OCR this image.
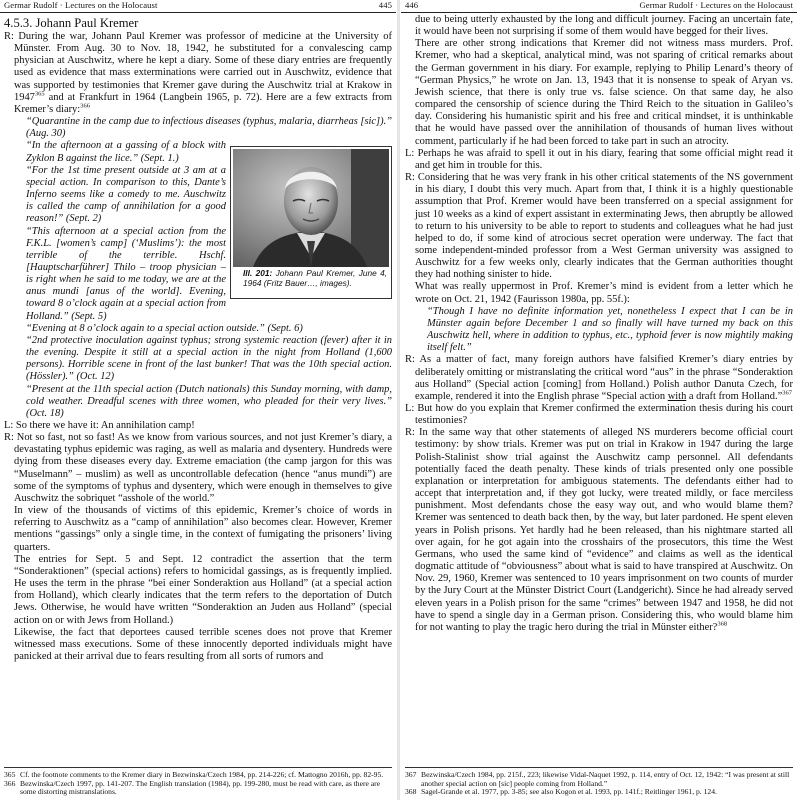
Germar Rudolf · Lectures on the Holocaust	445
4.5.3. Johann Paul Kremer

R: During the war, Johann Paul Kremer was professor of medicine at the University of Münster. From Aug. 30 to Nov. 18, 1942, he substituted for a convalescing camp physician at Auschwitz, where he kept a diary. Some of these diary entries are frequently used as evidence that mass exterminations were carried out in Auschwitz, evidence that was supported by testimonies that Kremer gave during the Auschwitz trial at Krakow in 1947$^{365}$ and at Frankfurt in 1964 (Langbein 1965, p. 72). Here are a few extracts from Kremer’s diary:$^{366}$

“Quarantine in the camp due to infectious diseases (typhus, malaria, diarrheas [sic]).” (Aug. 30)
Ill. 201: Johann Paul Kremer, June 4, 1964 (Fritz Bauer…, images).
“In the afternoon at a gassing of a block with Zyklon B against the lice.” (Sept. 1.)
“For the 1st time present outside at 3 am at a special action. In comparison to this, Dante’s Inferno seems like a comedy to me. Auschwitz is called the camp of annihilation for a good reason!” (Sept. 2)
“This afternoon at a special action from the F.K.L. [women’s camp] (‘Muslims’): the most terrible of the terrible. Hschf. [Hauptscharführer] Thilo – troop physician – is right when he said to me today, we are at the anus mundi [anus of the world]. Evening, toward 8 o’clock again at a special action from Holland.” (Sept. 5)
“Evening at 8 o’clock again to a special action outside.” (Sept. 6)
“2nd protective inoculation against typhus; strong systemic reaction (fever) after it in the evening. Despite it still at a special action in the night from Holland (1,600 persons). Horrible scene in front of the last bunker! That was the 10th special action. (Hössler).” (Oct. 12)
“Present at the 11th special action (Dutch nationals) this Sunday morning, with damp, cold weather. Dreadful scenes with three women, who pleaded for their very lives.” (Oct. 18)

L: So there we have it: An annihilation camp!

R: Not so fast, not so fast! As we know from various sources, and not just Kremer’s diary, a devastating typhus epidemic was raging, as well as malaria and dysentery. Hundreds were dying from these diseases every day. Extreme emaciation (the camp jargon for this was “Muselmann” – muslim) as well as uncontrollable defecation (hence “anus mundi”) are some of the symptoms of typhus and dysentery, which were enough in themselves to give Auschwitz the sobriquet “asshole of the world.”

In view of the thousands of victims of this epidemic, Kremer’s choice of words in referring to Auschwitz as a “camp of annihilation” also becomes clear. However, Kremer mentions “gassings” only a single time, in the context of fumigating the prisoners’ living quarters.

The entries for Sept. 5 and Sept. 12 contradict the assertion that the term “Sonderaktionen” (special actions) refers to homicidal gassings, as is frequently implied. He uses the term in the phrase “bei einer Sonderaktion aus Holland” (at a special action from Holland), which clearly indicates that the term refers to the deportation of Dutch Jews. Otherwise, he would have written “Sonderaktion an Juden aus Holland” (special action on or with Jews from Holland.)

Likewise, the fact that deportees caused terrible scenes does not prove that Kremer witnessed mass executions. Some of these innocently deported individuals might have panicked at their arrival due to fears resulting from all sorts of rumors and

365 Cf. the footnote comments to the Kremer diary in Bezwinska/Czech 1984, pp. 214-226; cf. Mattogno 2016h, pp. 82-95.
366 Bezwinska/Czech 1997, pp. 141-207. The English translation (1984), pp. 199-280, must be read with care, as there are some distorting mistranslations.
446	Germar Rudolf · Lectures on the Holocaust

due to being utterly exhausted by the long and difficult journey. Facing an uncertain fate, it would have been not surprising if some of them would have begged for their lives.

There are other strong indications that Kremer did not witness mass murders. Prof. Kremer, who had a skeptical, analytical mind, was not sparing of critical remarks about the German government in his diary. For example, replying to Philip Lenard’s theory of “German Physics,” he wrote on Jan. 13, 1943 that it is nonsense to speak of Aryan vs. Jewish science, that there is only true vs. false science. On that same day, he also compared the censorship of science during the Third Reich to the situation in Galileo’s day. Considering his humanistic spirit and his free and critical mindset, it is unthinkable that he would have passed over the annihilation of thousands of human lives without comment, particularly if he had been forced to take part in such an atrocity.

L: Perhaps he was afraid to spell it out in his diary, fearing that some official might read it and get him in trouble for this.

R: Considering that he was very frank in his other critical statements of the NS government in his diary, I doubt this very much. Apart from that, I think it is a highly questionable assumption that Prof. Kremer would have been transferred on a special assignment for just 10 weeks as a kind of expert assistant in exterminating Jews, then abruptly be allowed to return to his university to be able to report to students and colleagues what he had just helped to do, if some kind of atrocious secret operation were underway. The fact that some independent-minded professor from a West German university was assigned to Auschwitz for a few weeks only, clearly indicates that the German authorities thought they had nothing sinister to hide.

What was really uppermost in Prof. Kremer’s mind is evident from a letter which he wrote on Oct. 21, 1942 (Faurisson 1980a, pp. 55f.):

“Though I have no definite information yet, nonetheless I expect that I can be in Münster again before December 1 and so finally will have turned my back on this Auschwitz hell, where in addition to typhus, etc., typhoid fever is now mightily making itself felt.”

R: As a matter of fact, many foreign authors have falsified Kremer’s diary entries by deliberately omitting or mistranslating the critical word “aus” in the phrase “Sonderaktion aus Holland” (Special action [coming] from Holland.) Polish author Danuta Czech, for example, rendered it into the English phrase “Special action with a draft from Holland.”$^{367}$

L: But how do you explain that Kremer confirmed the extermination thesis during his court testimonies?

R: In the same way that other statements of alleged NS murderers become official court testimony: by show trials. Kremer was put on trial in Krakow in 1947 during the large Polish-Stalinist show trial against the Auschwitz camp personnel. All defendants potentially faced the death penalty. These kinds of trials presented only one possible explanation or interpretation for ambiguous statements. The defendants either had to accept that interpretation and, if they got lucky, were treated mildly, or face merciless punishment. Most defendants chose the easy way out, and who would blame them? Kremer was sentenced to death back then, by the way, but later pardoned. He spent eleven years in Polish prisons. Yet hardly had he been released, than his nightmare started all over again, for he got again into the crosshairs of the prosecutors, this time the West Germans, who used the same kind of “evidence” and claims as well as the identical dogmatic attitude of “obviousness” about what is said to have transpired at Auschwitz. On Nov. 29, 1960, Kremer was sentenced to 10 years imprisonment on two counts of murder by the Jury Court at the Münster District Court (Landgericht). Since he had already served eleven years in a Polish prison for the same “crimes” between 1947 and 1958, he did not have to spend a single day in a German prison. Considering this, who would blame him for not wanting to play the tragic hero during the trial in Münster either?$^{368}$

367 Bezwinska/Czech 1984, pp. 215f., 223; likewise Vidal-Naquet 1992, p. 114, entry of Oct. 12, 1942: “I was present at still another special action on [sic] people coming from Holland.”
368 Sagel-Grande et al. 1977, pp. 3-85; see also Kogon et al. 1993, pp. 141f.; Reitlinger 1961, p. 124.
